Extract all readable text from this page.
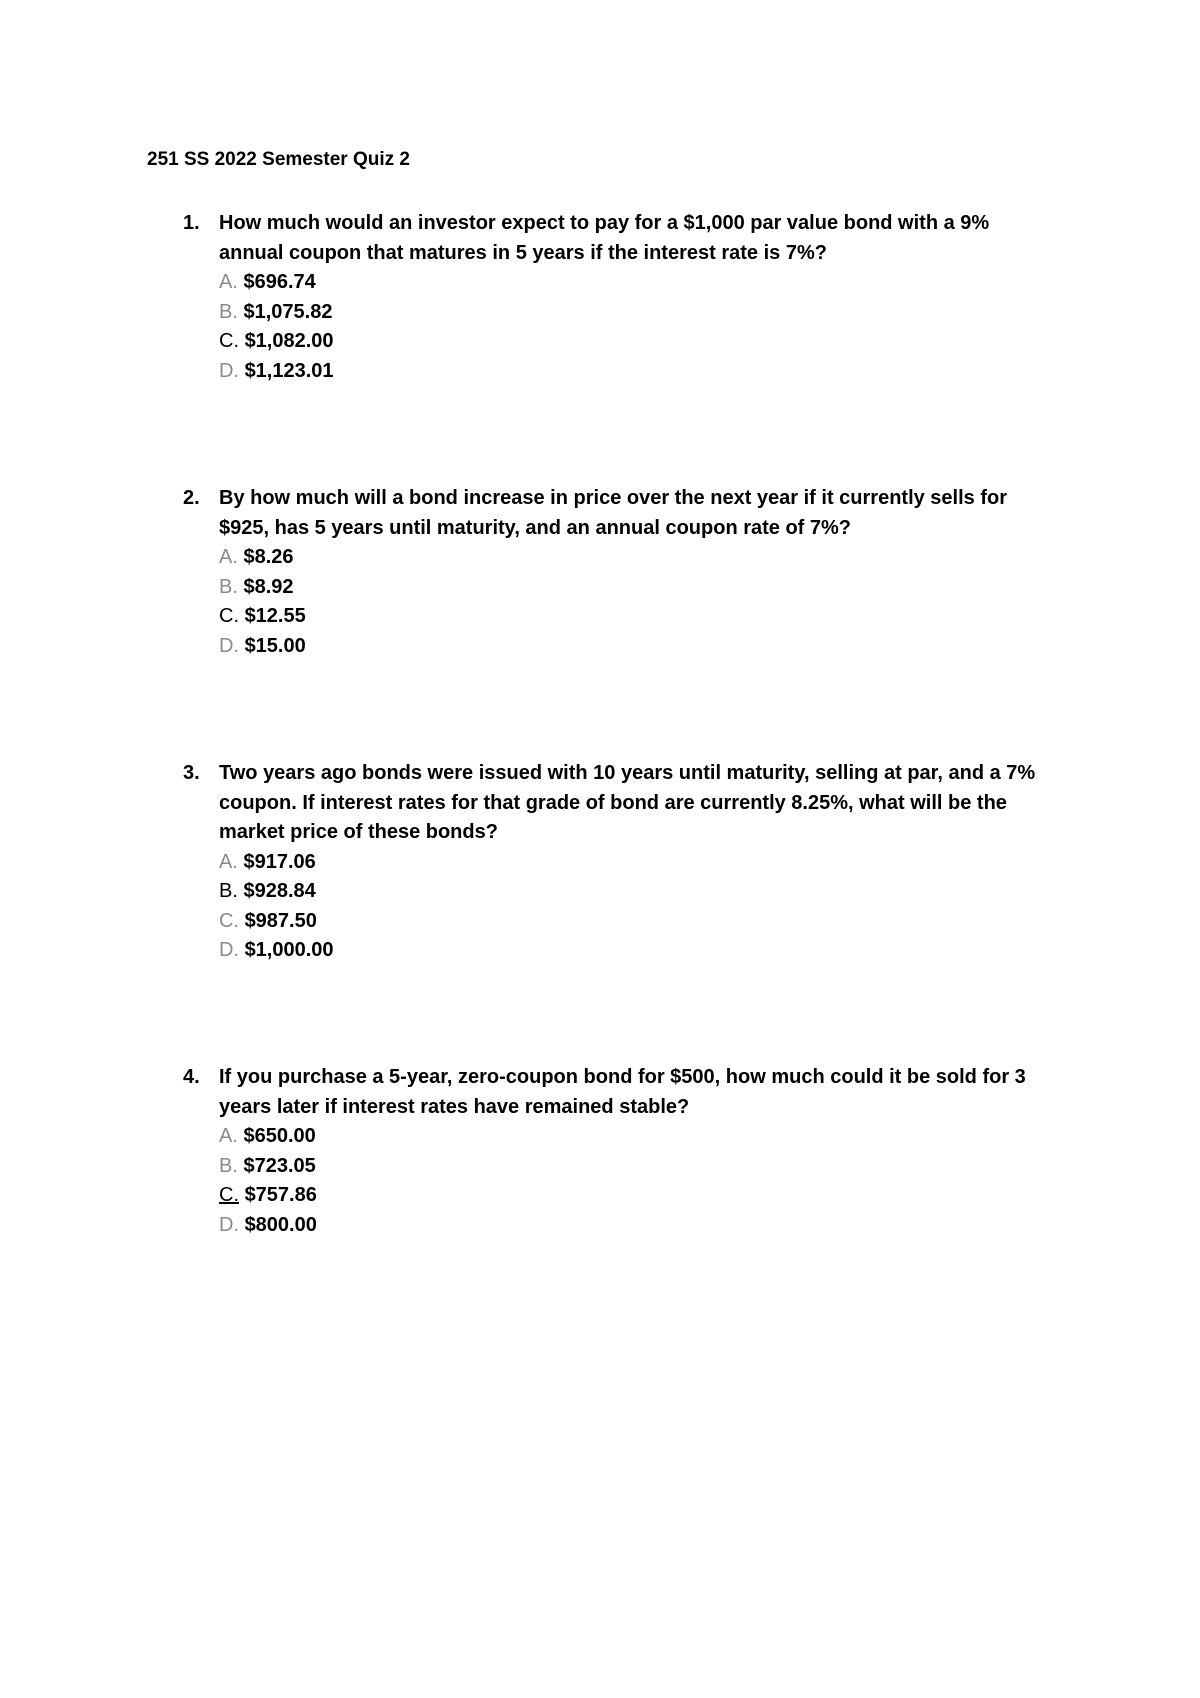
251 SS 2022 Semester Quiz 2
1. How much would an investor expect to pay for a $1,000 par value bond with a 9%
annual coupon that matures in 5 years if the interest rate is 7%?
A. $696.74
B. $1,075.82
C. $1,082.00
D. $1,123.01
2. By how much will a bond increase in price over the next year if it currently sells for
$925, has 5 years until maturity, and an annual coupon rate of 7%?
A. $8.26
B. $8.92
C. $12.55
D. $15.00
3. Two years ago bonds were issued with 10 years until maturity, selling at par, and a 7%
coupon. If interest rates for that grade of bond are currently 8.25%, what will be the
market price of these bonds?
A. $917.06
B. $928.84
C. $987.50
D. $1,000.00
4. If you purchase a 5-year, zero-coupon bond for $500, how much could it be sold for 3
years later if interest rates have remained stable?
A. $650.00
B. $723.05
C. $757.86
D. $800.00
